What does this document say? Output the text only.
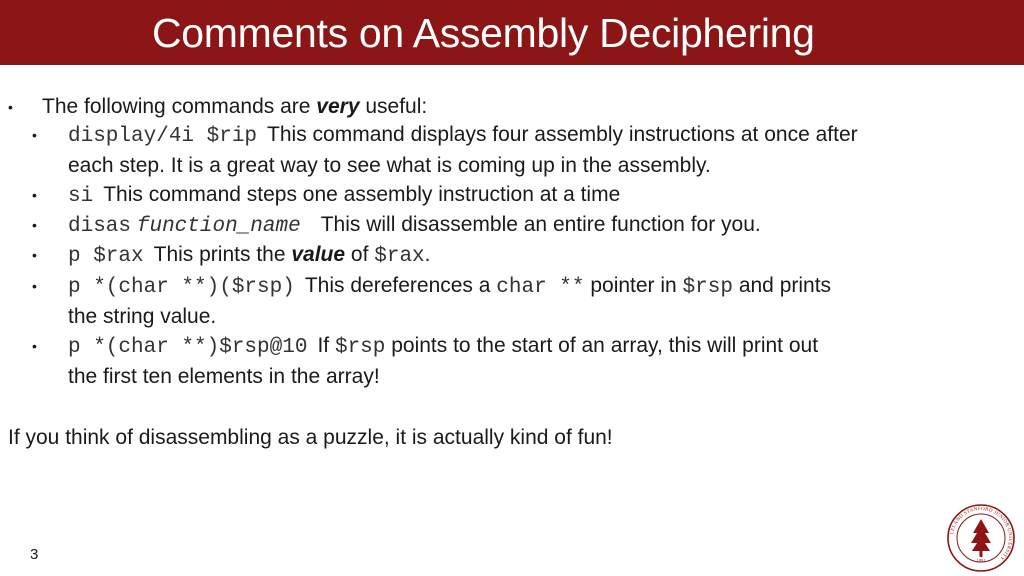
Comments on Assembly Deciphering
• The following commands are very useful:
• display/4i $rip This command displays four assembly instructions at once after
each step. It is a great way to see what is coming up in the assembly.
• si This command steps one assembly instruction at a time
• disas function_name This will disassemble an entire function for you.
• p $rax This prints the value of $rax.
• p *(char **)($rsp) This dereferences a char ** pointer in $rsp and prints
the string value.
• p *(char **)$rsp@10 If $rsp points to the start of an array, this will print out
the first ten elements in the array!
If you think of disassembling as a puzzle, it is actually kind of fun!
3
LELAND STANFORD JUNIOR UNIVERSITY
1891
